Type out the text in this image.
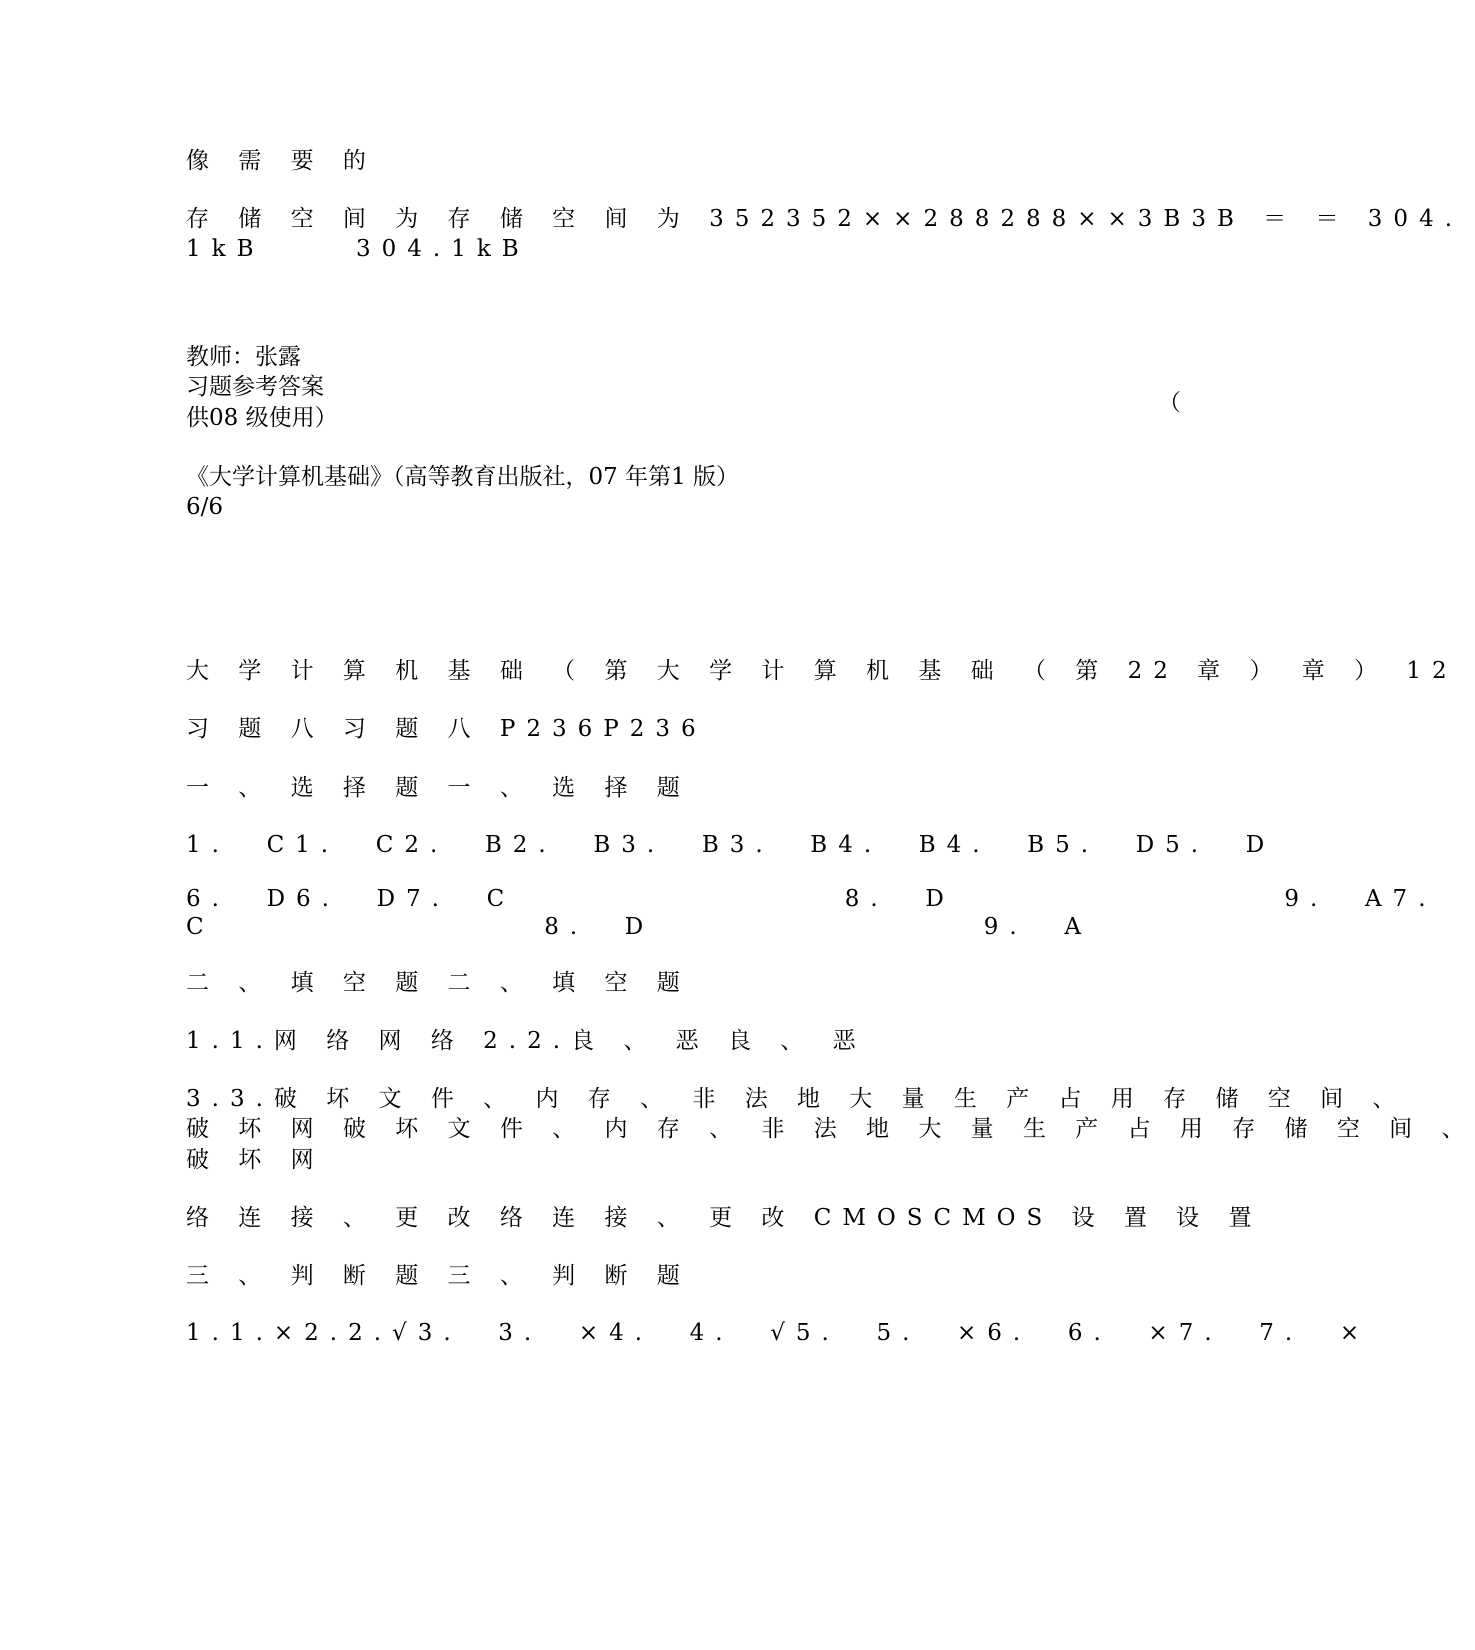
像 需 要 的
存 储 空 间 为 存 储 空 间 为 352352××288288××3B3B ＝ ＝ 304.
1kB     304.1kB
教师：张露
习题参考答案
（
供08 级使用）
《大学计算机基础》（高等教育出版社，07 年第1 版）
6/6
大 学 计 算 机 基 础 （ 第 大 学 计 算 机 基 础 （ 第 22 章 ） 章 ） 12
习 题 八 习 题 八 P236P236
一 、 选 择 题 一 、 选 择 题
1.  C1.  C2.  B2.  B3.  B3.  B4.  B4.  B5.  D5.  D
6.  D6.  D7.  C                  8.  D                  9.  A7.
C                  8.  D                  9.  A
二 、 填 空 题 二 、 填 空 题
1.1.网 络 网 络 2.2.良 、 恶 良 、 恶
3.3.破 坏 文 件 、 内 存 、 非 法 地 大 量 生 产 占 用 存 储 空 间 、
破 坏 网 破 坏 文 件 、 内 存 、 非 法 地 大 量 生 产 占 用 存 储 空 间 、
破 坏 网
络 连 接 、 更 改 络 连 接 、 更 改 CMOSCMOS 设 置 设 置
三 、 判 断 题 三 、 判 断 题
1.1.×2.2.√3.  3.  ×4.  4.  √5.  5.  ×6.  6.  ×7.  7.  ×
